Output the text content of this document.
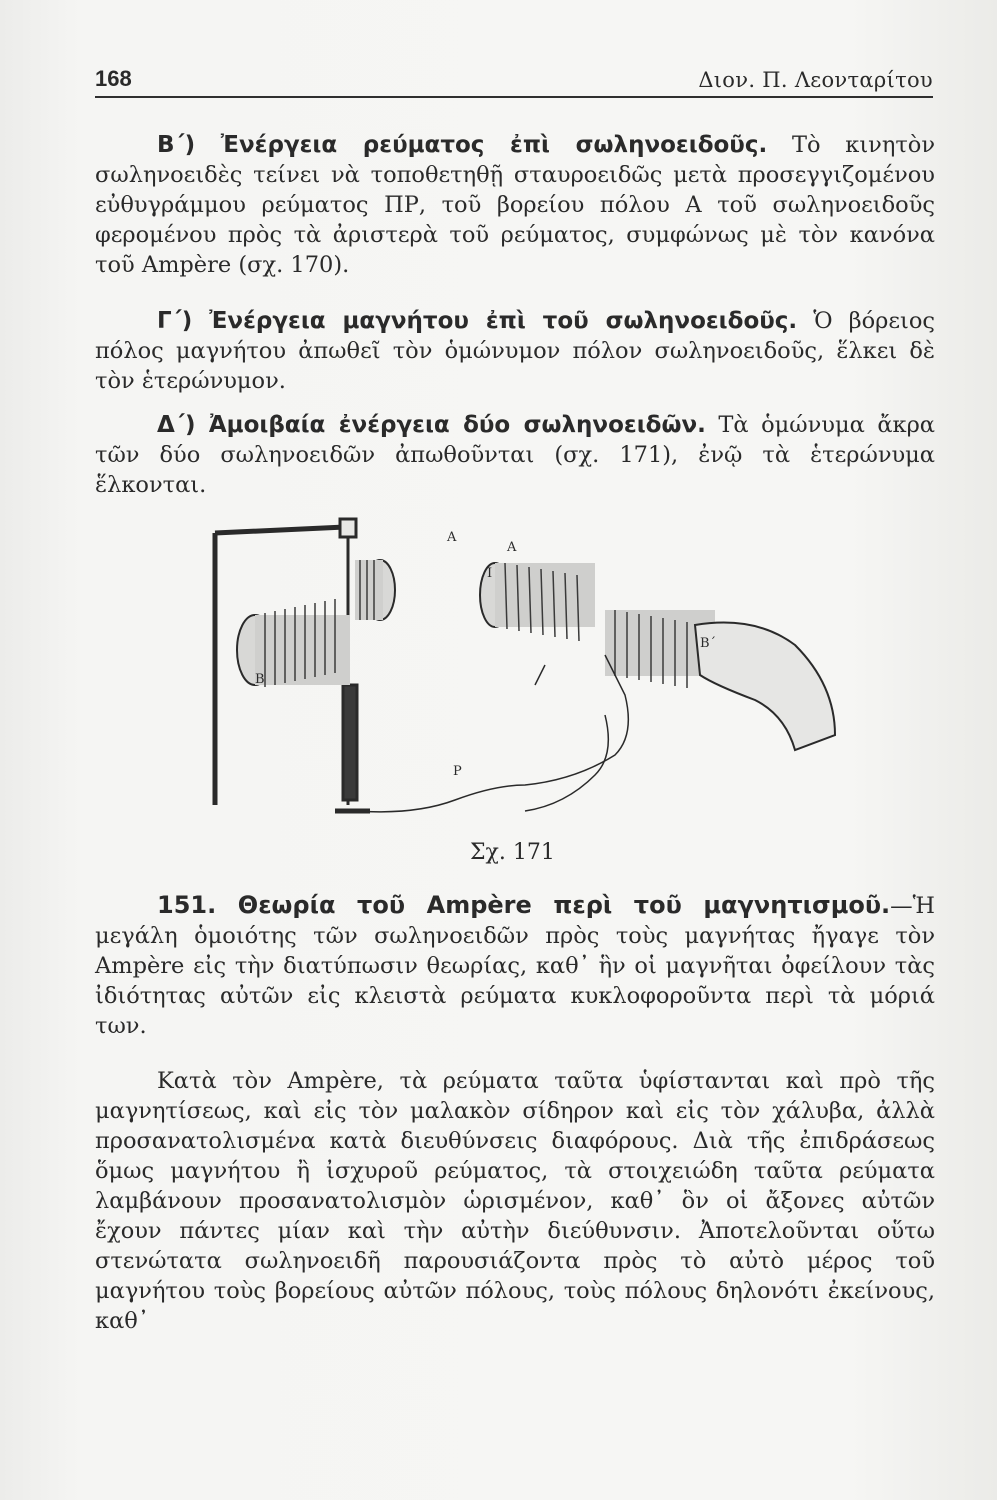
168	Διον. Π. Λεονταρίτου

Β΄) Ἐνέργεια ρεύματος ἐπὶ σωληνοειδοῦς. Τὸ κινητὸν σωληνοειδὲς τείνει νὰ τοποθετηθῇ σταυροειδῶς μετὰ προσεγγιζομένου εὐθυγράμμου ρεύματος ΠΡ, τοῦ βορείου πόλου Α τοῦ σωληνοειδοῦς φερομένου πρὸς τὰ ἀριστερὰ τοῦ ρεύματος, συμφώνως μὲ τὸν κανόνα τοῦ Ampère (σχ. 170).

Γ΄) Ἐνέργεια μαγνήτου ἐπὶ τοῦ σωληνοειδοῦς. Ὁ βόρειος πόλος μαγνήτου ἀπωθεῖ τὸν ὁμώνυμον πόλον σωληνοειδοῦς, ἕλκει δὲ τὸν ἑτερώνυμον.

Δ΄) Ἀμοιβαία ἐνέργεια δύο σωληνοειδῶν. Τὰ ὁμώνυμα ἄκρα τῶν δύο σωληνοειδῶν ἀπωθοῦνται (σχ. 171), ἐνῷ τὰ ἑτερώνυμα ἕλκονται.

Α
Α
Β
Β΄
Ρ
Ι
Σχ. 171

151. Θεωρία τοῦ Ampère περὶ τοῦ μαγνητισμοῦ.—Ἡ μεγάλη ὁμοιότης τῶν σωληνοειδῶν πρὸς τοὺς μαγνήτας ἤγαγε τὸν Ampère εἰς τὴν διατύπωσιν θεωρίας, καθ᾽ ἣν οἱ μαγνῆται ὀφείλουν τὰς ἰδιότητας αὐτῶν εἰς κλειστὰ ρεύματα κυκλοφοροῦντα περὶ τὰ μόριά των.

Κατὰ τὸν Ampère, τὰ ρεύματα ταῦτα ὑφίστανται καὶ πρὸ τῆς μαγνητίσεως, καὶ εἰς τὸν μαλακὸν σίδηρον καὶ εἰς τὸν χάλυβα, ἀλλὰ προσανατολισμένα κατὰ διευθύνσεις διαφόρους. Διὰ τῆς ἐπιδράσεως ὅμως μαγνήτου ἢ ἰσχυροῦ ρεύματος, τὰ στοιχειώδη ταῦτα ρεύματα λαμβάνουν προσανατολισμὸν ὡρισμένον, καθ᾽ ὃν οἱ ἄξονες αὐτῶν ἔχουν πάντες μίαν καὶ τὴν αὐτὴν διεύθυνσιν. Ἀποτελοῦνται οὕτω στενώτατα σωληνοειδῆ παρουσιάζοντα πρὸς τὸ αὐτὸ μέρος τοῦ μαγνήτου τοὺς βορείους αὐτῶν πόλους, τοὺς πόλους δηλονότι ἐκείνους, καθ᾽
